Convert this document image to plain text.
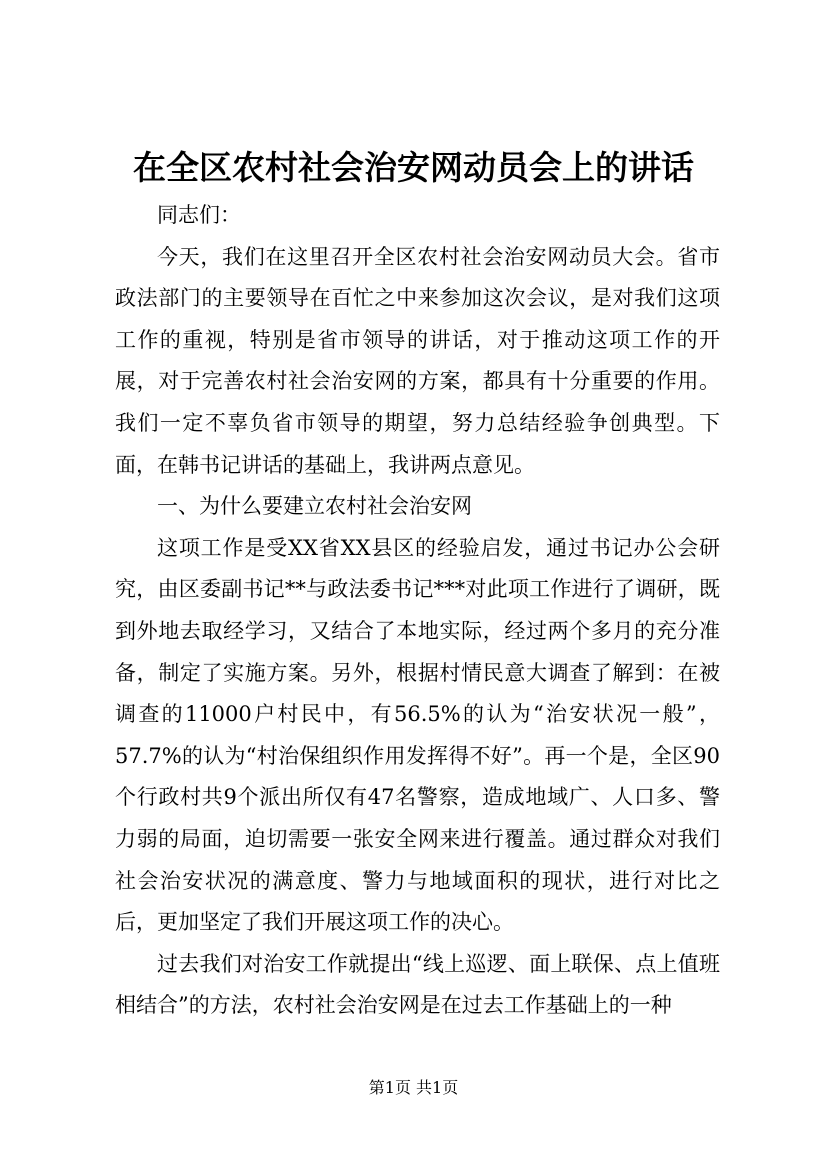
在全区农村社会治安网动员会上的讲话

同志们：

今天，我们在这里召开全区农村社会治安网动员大会。省市政法部门的主要领导在百忙之中来参加这次会议，是对我们这项工作的重视，特别是省市领导的讲话，对于推动这项工作的开展，对于完善农村社会治安网的方案，都具有十分重要的作用。我们一定不辜负省市领导的期望，努力总结经验争创典型。下面，在韩书记讲话的基础上，我讲两点意见。

一、为什么要建立农村社会治安网

这项工作是受XX省XX县区的经验启发，通过书记办公会研究，由区委副书记**与政法委书记***对此项工作进行了调研，既到外地去取经学习，又结合了本地实际，经过两个多月的充分准备，制定了实施方案。另外，根据村情民意大调查了解到：在被调查的11000户村民中，有56.5%的认为“治安状况一般”，57.7%的认为“村治保组织作用发挥得不好”。再一个是，全区90个行政村共9个派出所仅有47名警察，造成地域广、人口多、警力弱的局面，迫切需要一张安全网来进行覆盖。通过群众对我们社会治安状况的满意度、警力与地域面积的现状，进行对比之后，更加坚定了我们开展这项工作的决心。

过去我们对治安工作就提出“线上巡逻、面上联保、点上值班相结合”的方法，农村社会治安网是在过去工作基础上的一种

第1页 共1页
